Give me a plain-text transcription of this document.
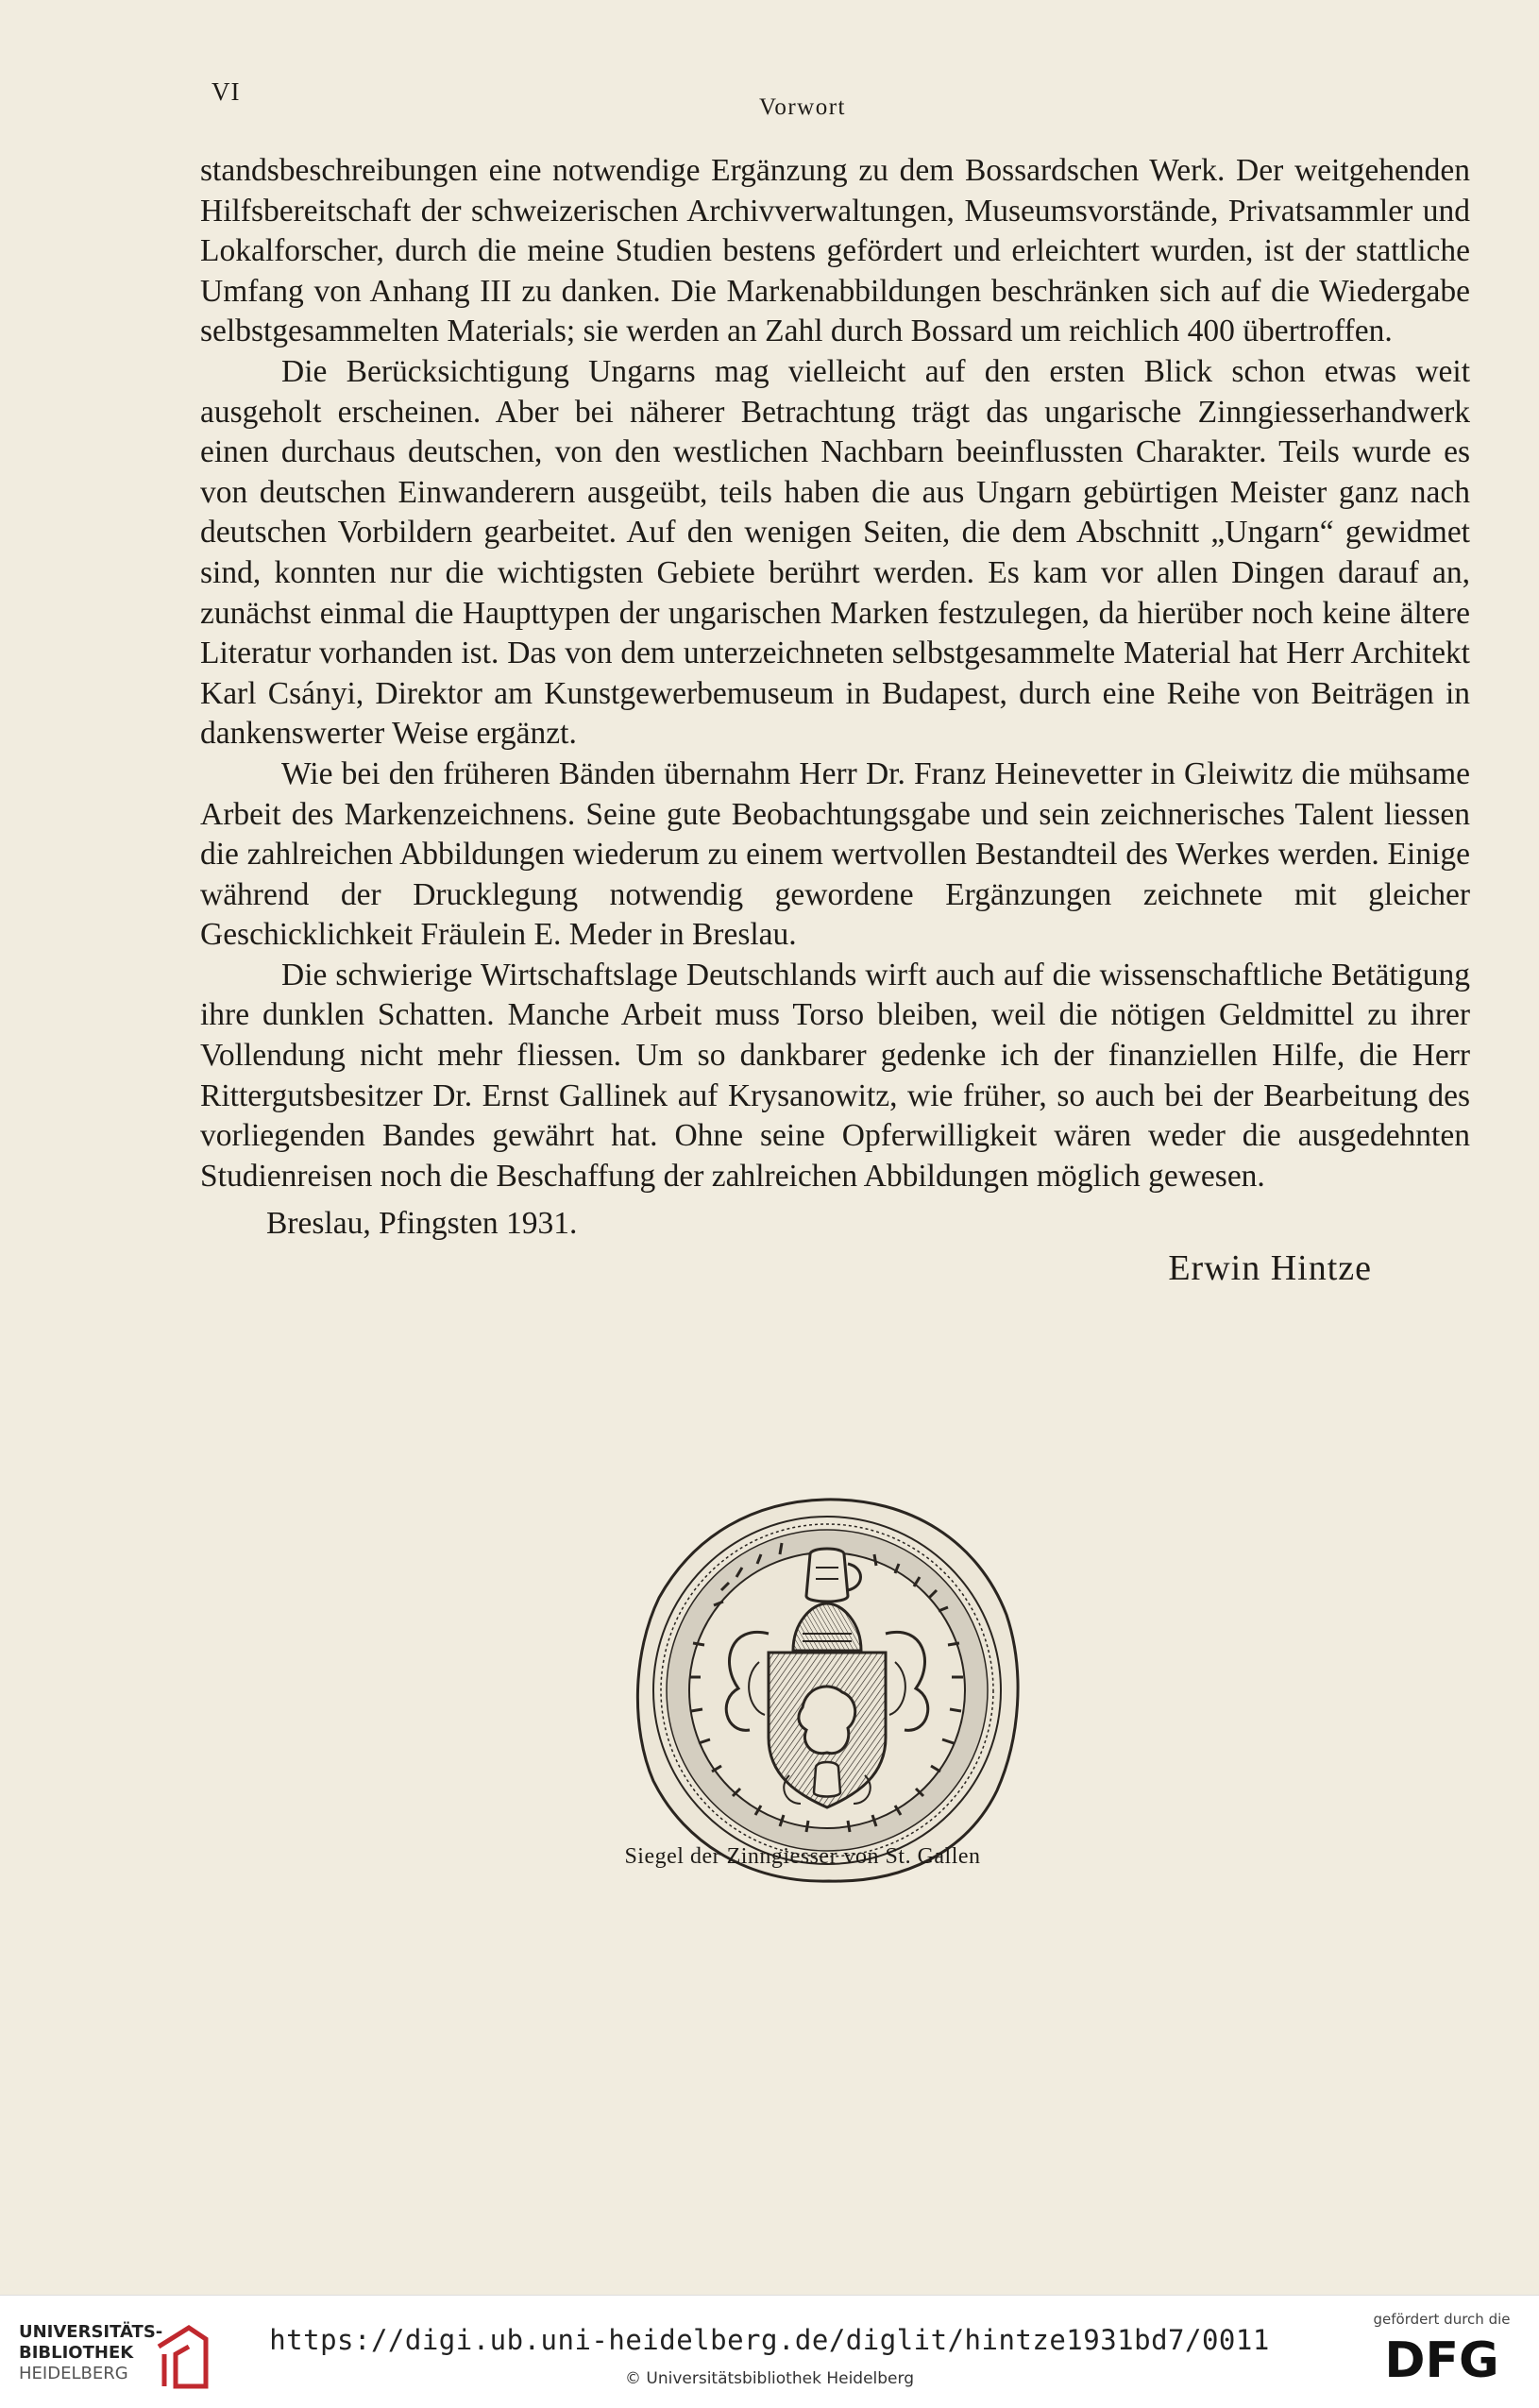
VI
Vorwort

standsbeschreibungen eine notwendige Ergänzung zu dem Bossardschen Werk. Der weitgehenden Hilfsbereitschaft der schweizerischen Archivverwaltungen, Museumsvorstände, Privatsammler und Lokalforscher, durch die meine Studien bestens gefördert und erleichtert wurden, ist der stattliche Umfang von Anhang III zu danken. Die Markenabbildungen beschränken sich auf die Wiedergabe selbstgesammelten Materials; sie werden an Zahl durch Bossard um reichlich 400 übertroffen.

Die Berücksichtigung Ungarns mag vielleicht auf den ersten Blick schon etwas weit ausgeholt erscheinen. Aber bei näherer Betrachtung trägt das ungarische Zinngiesserhandwerk einen durchaus deutschen, von den westlichen Nachbarn beeinflussten Charakter. Teils wurde es von deutschen Einwanderern ausgeübt, teils haben die aus Ungarn gebürtigen Meister ganz nach deutschen Vorbildern gearbeitet. Auf den wenigen Seiten, die dem Abschnitt „Ungarn“ gewidmet sind, konnten nur die wichtigsten Gebiete berührt werden. Es kam vor allen Dingen darauf an, zunächst einmal die Haupttypen der ungarischen Marken festzulegen, da hierüber noch keine ältere Literatur vorhanden ist. Das von dem unterzeichneten selbstgesammelte Material hat Herr Architekt Karl Csányi, Direktor am Kunstgewerbemuseum in Budapest, durch eine Reihe von Beiträgen in dankenswerter Weise ergänzt.

Wie bei den früheren Bänden übernahm Herr Dr. Franz Heinevetter in Gleiwitz die mühsame Arbeit des Markenzeichnens. Seine gute Beobachtungsgabe und sein zeichnerisches Talent liessen die zahlreichen Abbildungen wiederum zu einem wertvollen Bestandteil des Werkes werden. Einige während der Drucklegung notwendig gewordene Ergänzungen zeichnete mit gleicher Geschicklichkeit Fräulein E. Meder in Breslau.

Die schwierige Wirtschaftslage Deutschlands wirft auch auf die wissenschaftliche Betätigung ihre dunklen Schatten. Manche Arbeit muss Torso bleiben, weil die nötigen Geldmittel zu ihrer Vollendung nicht mehr fliessen. Um so dankbarer gedenke ich der finanziellen Hilfe, die Herr Rittergutsbesitzer Dr. Ernst Gallinek auf Krysanowitz, wie früher, so auch bei der Bearbeitung des vorliegenden Bandes gewährt hat. Ohne seine Opferwilligkeit wären weder die ausgedehnten Studienreisen noch die Beschaffung der zahlreichen Abbildungen möglich gewesen.

Breslau, Pfingsten 1931.

Erwin Hintze
Siegel der Zinngiesser von St. Gallen
UNIVERSITÄTS-
BIBLIOTHEK
HEIDELBERG
https://digi.ub.uni-heidelberg.de/diglit/hintze1931bd7/0011
© Universitätsbibliothek Heidelberg
gefördert durch die
DFG
